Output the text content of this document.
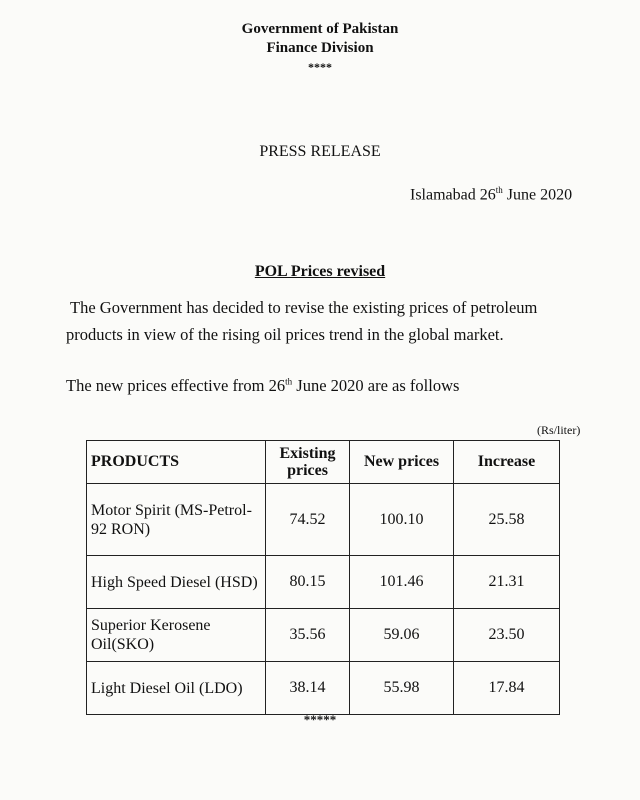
Government of Pakistan
Finance Division
****
PRESS RELEASE
Islamabad 26th June 2020
POL Prices revised
The Government has decided to revise the existing prices of petroleum products in view of the rising oil prices trend in the global market.
The new prices effective from 26th June 2020 are as follows
(Rs/liter)
PRODUCTS	Existing prices	New prices	Increase
Motor Spirit (MS-Petrol-92 RON)	74.52	100.10	25.58
High Speed Diesel (HSD)	80.15	101.46	21.31
Superior Kerosene Oil(SKO)	35.56	59.06	23.50
Light Diesel Oil (LDO)	38.14	55.98	17.84
*****
